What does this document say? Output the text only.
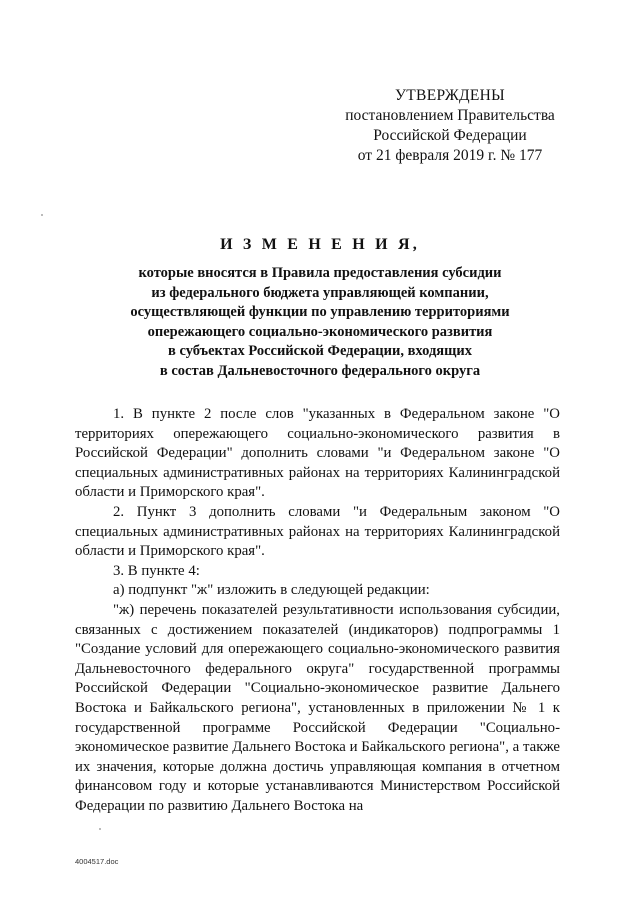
УТВЕРЖДЕНЫ
постановлением Правительства
Российской Федерации
от 21 февраля 2019 г. № 177
И З М Е Н Е Н И Я,
которые вносятся в Правила предоставления субсидии
из федерального бюджета управляющей компании,
осуществляющей функции по управлению территориями
опережающего социально-экономического развития
в субъектах Российской Федерации, входящих
в состав Дальневосточного федерального округа

1. В пункте 2 после слов "указанных в Федеральном законе "О территориях опережающего социально-экономического развития в Российской Федерации" дополнить словами "и Федеральном законе "О специальных административных районах на территориях Калининградской области и Приморского края".

2. Пункт 3 дополнить словами "и Федеральным законом "О специальных административных районах на территориях Калининградской области и Приморского края".

3. В пункте 4:

а) подпункт "ж" изложить в следующей редакции:

"ж) перечень показателей результативности использования субсидии, связанных с достижением показателей (индикаторов) подпрограммы 1 "Создание условий для опережающего социально-экономического развития Дальневосточного федерального округа" государственной программы Российской Федерации "Социально-экономическое развитие Дальнего Востока и Байкальского региона", установленных в приложении № 1 к государственной программе Российской Федерации "Социально-экономическое развитие Дальнего Востока и Байкальского региона", а также их значения, которые должна достичь управляющая компания в отчетном финансовом году и которые устанавливаются Министерством Российской Федерации по развитию Дальнего Востока на

4004517.doc
